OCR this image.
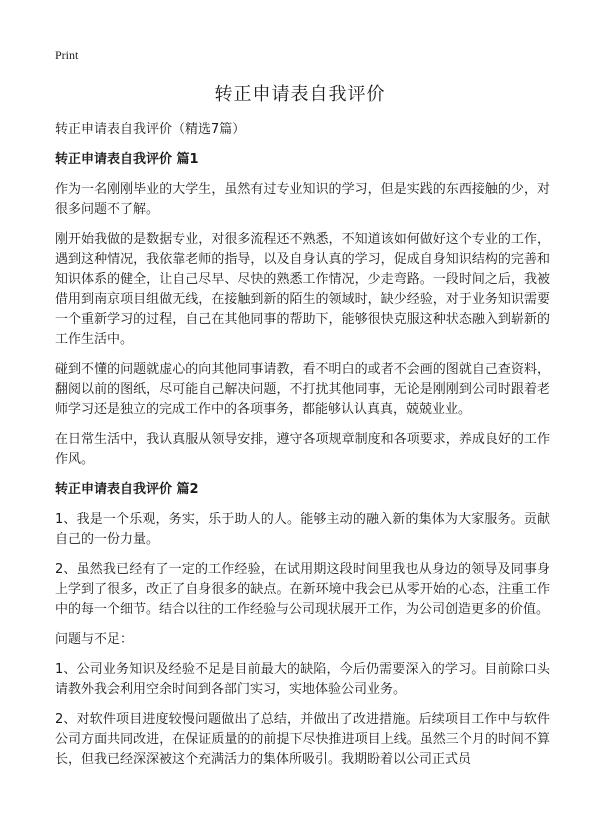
Print
转正申请表自我评价

转正申请表自我评价（精选7篇）

转正申请表自我评价 篇1

作为一名刚刚毕业的大学生，虽然有过专业知识的学习，但是实践的东西接触的少，对很多问题不了解。

刚开始我做的是数据专业，对很多流程还不熟悉，不知道该如何做好这个专业的工作，遇到这种情况，我依靠老师的指导，以及自身认真的学习，促成自身知识结构的完善和知识体系的健全，让自己尽早、尽快的熟悉工作情况，少走弯路。一段时间之后，我被借用到南京项目组做无线，在接触到新的陌生的领域时，缺少经验，对于业务知识需要一个重新学习的过程，自己在其他同事的帮助下，能够很快克服这种状态融入到崭新的工作生活中。

碰到不懂的问题就虚心的向其他同事请教，看不明白的或者不会画的图就自己查资料，翻阅以前的图纸，尽可能自己解决问题，不打扰其他同事，无论是刚刚到公司时跟着老师学习还是独立的完成工作中的各项事务，都能够认认真真，兢兢业业。

在日常生活中，我认真服从领导安排，遵守各项规章制度和各项要求，养成良好的工作作风。

转正申请表自我评价 篇2

1、我是一个乐观，务实，乐于助人的人。能够主动的融入新的集体为大家服务。贡献自己的一份力量。

2、虽然我已经有了一定的工作经验，在试用期这段时间里我也从身边的领导及同事身上学到了很多，改正了自身很多的缺点。在新环境中我会已从零开始的心态，注重工作中的每一个细节。结合以往的工作经验与公司现状展开工作，为公司创造更多的价值。

问题与不足：

1、公司业务知识及经验不足是目前最大的缺陷，今后仍需要深入的学习。目前除口头请教外我会利用空余时间到各部门实习，实地体验公司业务。

2、对软件项目进度较慢问题做出了总结，并做出了改进措施。后续项目工作中与软件公司方面共同改进，在保证质量的的前提下尽快推进项目上线。虽然三个月的时间不算长，但我已经深深被这个充满活力的集体所吸引。我期盼着以公司正式员
